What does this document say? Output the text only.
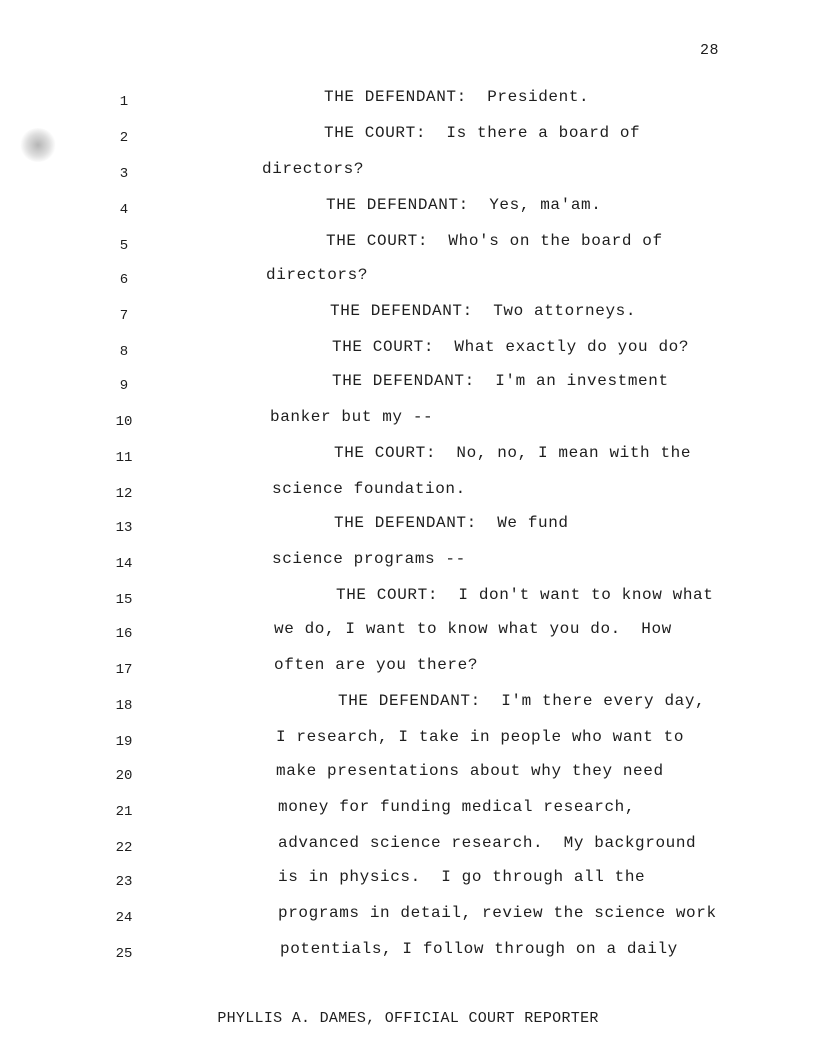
28
1	THE DEFENDANT:  President.
2	THE COURT:  Is there a board of
3	directors?
4	THE DEFENDANT:  Yes, ma'am.
5	THE COURT:  Who's on the board of
6	directors?
7	THE DEFENDANT:  Two attorneys.
8	THE COURT:  What exactly do you do?
9	THE DEFENDANT:  I'm an investment
10	banker but my --
11	THE COURT:  No, no, I mean with the
12	science foundation.
13	THE DEFENDANT:  We fund
14	science programs --
15	THE COURT:  I don't want to know what
16	we do, I want to know what you do.  How
17	often are you there?
18	THE DEFENDANT:  I'm there every day,
19	I research, I take in people who want to
20	make presentations about why they need
21	money for funding medical research,
22	advanced science research.  My background
23	is in physics.  I go through all the
24	programs in detail, review the science work
25	potentials, I follow through on a daily
PHYLLIS A. DAMES, OFFICIAL COURT REPORTER
